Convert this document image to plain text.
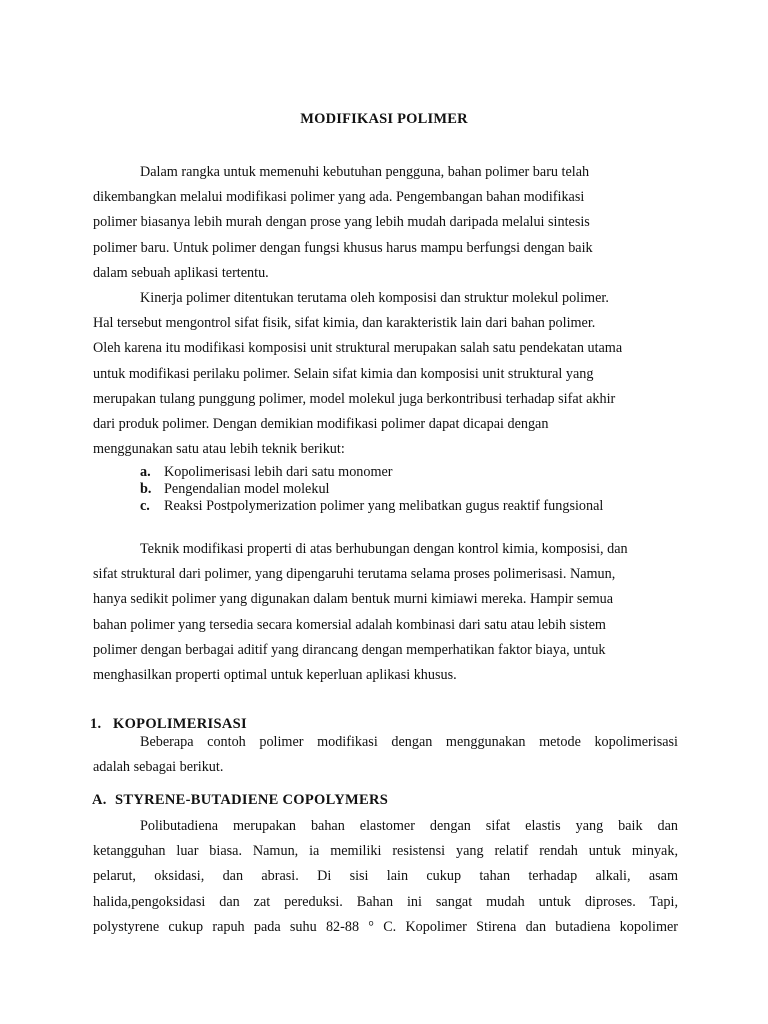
MODIFIKASI POLIMER
Dalam rangka untuk memenuhi kebutuhan pengguna, bahan polimer baru telah
dikembangkan melalui modifikasi polimer yang ada. Pengembangan bahan modifikasi
polimer biasanya lebih murah dengan prose yang lebih mudah daripada melalui sintesis
polimer baru. Untuk polimer dengan fungsi khusus harus mampu berfungsi dengan baik
dalam sebuah aplikasi tertentu.
Kinerja polimer ditentukan terutama oleh komposisi dan struktur molekul polimer.
Hal tersebut mengontrol sifat fisik, sifat kimia, dan karakteristik lain dari bahan polimer.
Oleh karena itu modifikasi komposisi unit struktural merupakan salah satu pendekatan utama
untuk modifikasi perilaku polimer. Selain sifat kimia dan komposisi unit struktural yang
merupakan tulang punggung polimer, model molekul juga berkontribusi terhadap sifat akhir
dari produk polimer. Dengan demikian modifikasi polimer dapat dicapai dengan
menggunakan satu atau lebih teknik berikut:
a. Kopolimerisasi lebih dari satu monomer
b. Pengendalian model molekul
c. Reaksi Postpolymerization polimer yang melibatkan gugus reaktif fungsional
Teknik modifikasi properti di atas berhubungan dengan kontrol kimia, komposisi, dan
sifat struktural dari polimer, yang dipengaruhi terutama selama proses polimerisasi. Namun,
hanya sedikit polimer yang digunakan dalam bentuk murni kimiawi mereka. Hampir semua
bahan polimer yang tersedia secara komersial adalah kombinasi dari satu atau lebih sistem
polimer dengan berbagai aditif yang dirancang dengan memperhatikan faktor biaya, untuk
menghasilkan properti optimal untuk keperluan aplikasi khusus.
1. KOPOLIMERISASI
Beberapa contoh polimer modifikasi dengan menggunakan metode kopolimerisasi
adalah sebagai berikut.
A. STYRENE-BUTADIENE COPOLYMERS
Polibutadiena merupakan bahan elastomer dengan sifat elastis yang baik dan
ketangguhan luar biasa. Namun, ia memiliki resistensi yang relatif rendah untuk minyak,
pelarut, oksidasi, dan abrasi. Di sisi lain cukup tahan terhadap alkali, asam
halida,pengoksidasi dan zat pereduksi. Bahan ini sangat mudah untuk diproses. Tapi,
polystyrene cukup rapuh pada suhu 82-88 ° C. Kopolimer Stirena dan butadiena kopolimer
